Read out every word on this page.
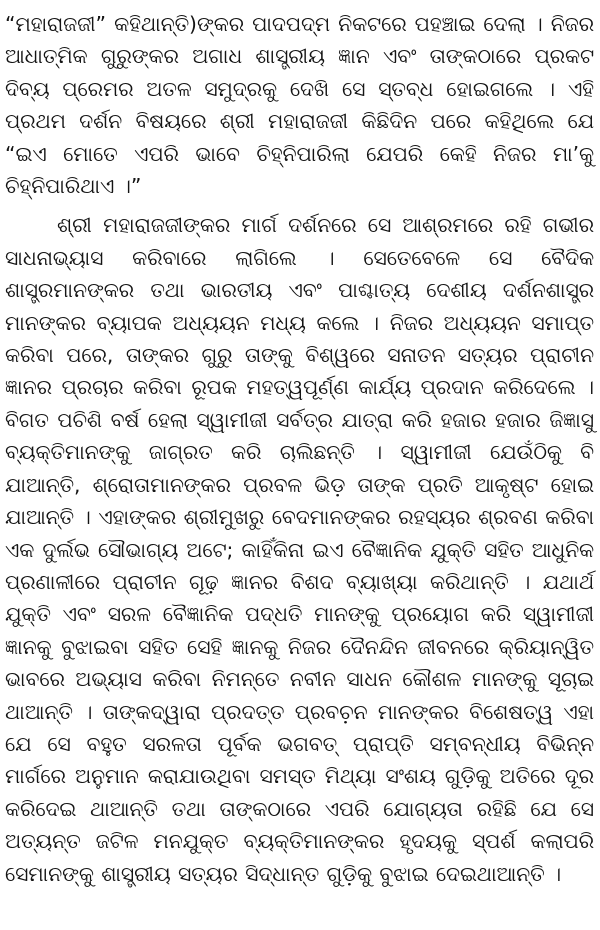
“ମହାରାଜଜୀ” କହିଥାନ୍ତି)ଙ୍କର ପାଦପଦ୍ମ ନିକଟରେ ପହଞ୍ଚାଇ ଦେଲା । ନିଜର ଆଧାତ୍ମିକ ଗୁରୁଙ୍କର ଅଗାଧ ଶାସ୍ତ୍ରୀୟ ଜ୍ଞାନ ଏବଂ ତାଙ୍କଠାରେ ପ୍ରକଟ ଦିବ୍ୟ ପ୍ରେମର ଅତଳ ସମୁଦ୍ରକୁ ଦେଖି ସେ ସ୍ତବ୍ଧ ହୋଇଗଲେ । ଏହି ପ୍ରଥମ ଦର୍ଶନ ବିଷୟରେ ଶ୍ରୀ ମହାରାଜଜୀ କିଛିଦିନ ପରେ କହିଥିଲେ ଯେ “ଇଏ ମୋତେ ଏପରି ଭାବେ ଚିହ୍ନିପାରିଲା ଯେପରି କେହି ନିଜର ମା’କୁ ଚିହ୍ନିପାରିଥାଏ ।”

ଶ୍ରୀ ମହାରାଜଜୀଙ୍କର ମାର୍ଗ ଦର୍ଶନରେ ସେ ଆଶ୍ରମରେ ରହି ଗଭୀର ସାଧନାଭ୍ୟାସ କରିବାରେ ଲାଗିଲେ । ସେତେବେଳେ ସେ ବୈଦିକ ଶାସ୍ତ୍ରମାନଙ୍କର ତଥା ଭାରତୀୟ ଏବଂ ପାଶ୍ଚାତ୍ୟ ଦେଶୀୟ ଦର୍ଶନଶାସ୍ତ୍ର ମାନଙ୍କର ବ୍ୟାପକ ଅଧ୍ୟୟନ ମଧ୍ୟ କଲେ । ନିଜର ଅଧ୍ୟୟନ ସମାପ୍ତ କରିବା ପରେ, ତାଙ୍କର ଗୁରୁ ତାଙ୍କୁ ବିଶ୍ୱରେ ସନାତନ ସତ୍ୟର ପ୍ରାଚୀନ ଜ୍ଞାନର ପ୍ରଚାର କରିବା ରୂପକ ମହତ୍ୱପୂର୍ଣ୍ଣ କାର୍ଯ୍ୟ ପ୍ରଦାନ କରିଦେଲେ । ବିଗତ ପଚିଶି ବର୍ଷ ହେଲା ସ୍ୱାମୀଜୀ ସର୍ବତ୍ର ଯାତ୍ରା କରି ହଜାର ହଜାର ଜିଜ୍ଞାସୁ ବ୍ୟକ୍ତିମାନଙ୍କୁ ଜାଗ୍ରତ କରି ଚାଲିଛନ୍ତି । ସ୍ୱାମୀଜୀ ଯେଉଁଠିକୁ ବି ଯାଆନ୍ତି, ଶ୍ରୋତାମାନଙ୍କର ପ୍ରବଳ ଭିଡ଼ ତାଙ୍କ ପ୍ରତି ଆକୃଷ୍ଟ ହୋଇ ଯାଆନ୍ତି । ଏହାଙ୍କର ଶ୍ରୀମୁଖରୁ ବେଦମାନଙ୍କର ରହସ୍ୟର ଶ୍ରବଣ କରିବା ଏକ ଦୁର୍ଲଭ ସୌଭାଗ୍ୟ ଅଟେ; କାହିଁକିନା ଇଏ ବୈଜ୍ଞାନିକ ଯୁକ୍ତି ସହିତ ଆଧୁନିକ ପ୍ରଣାଳୀରେ ପ୍ରାଚୀନ ଗୂଢ଼ ଜ୍ଞାନର ବିଶଦ ବ୍ୟାଖ୍ୟା କରିଥାନ୍ତି । ଯଥାର୍ଥ ଯୁକ୍ତି ଏବଂ ସରଳ ବୈଜ୍ଞାନିକ ପଦ୍ଧତି ମାନଙ୍କୁ ପ୍ରୟୋଗ କରି ସ୍ୱାମୀଜୀ ଜ୍ଞାନକୁ ବୁଝାଇବା ସହିତ ସେହି ଜ୍ଞାନକୁ ନିଜର ଦୈନନ୍ଦିନ ଜୀବନରେ କ୍ରିୟାନ୍ୱିତ ଭାବରେ ଅଭ୍ୟାସ କରିବା ନିମନ୍ତେ ନବୀନ ସାଧନ କୌଶଳ ମାନଙ୍କୁ ସୂଚାଇ ଥାଆନ୍ତି । ତାଙ୍କଦ୍ୱାରା ପ୍ରଦତ୍ତ ପ୍ରବଚ଼ନ ମାନଙ୍କର ବିଶେଷତ୍ୱ ଏହା ଯେ ସେ ବହୁତ ସରଳତା ପୂର୍ବକ ଭଗବତ୍ ପ୍ରାପ୍ତି ସମ୍ବନ୍ଧୀୟ ବିଭିନ୍ନ ମାର୍ଗରେ ଅନୁମାନ କରାଯାଉଥିବା ସମସ୍ତ ମିଥ୍ୟା ସଂଶୟ ଗୁଡ଼ିକୁ ଅତିରେ ଦୂର କରିଦେଇ ଥାଆନ୍ତି ତଥା ତାଙ୍କଠାରେ ଏପରି ଯୋଗ୍ୟତା ରହିଛି ଯେ ସେ ଅତ୍ୟନ୍ତ ଜଟିଳ ମନଯୁକ୍ତ ବ୍ୟକ୍ତିମାନଙ୍କର ହୃଦୟକୁ ସ୍ପର୍ଶ କଲାପରି ସେମାନଙ୍କୁ ଶାସ୍ତ୍ରୀୟ ସତ୍ୟର ସିଦ୍ଧାନ୍ତ ଗୁଡ଼ିକୁ ବୁଝାଇ ଦେଇଥାଆନ୍ତି ।
